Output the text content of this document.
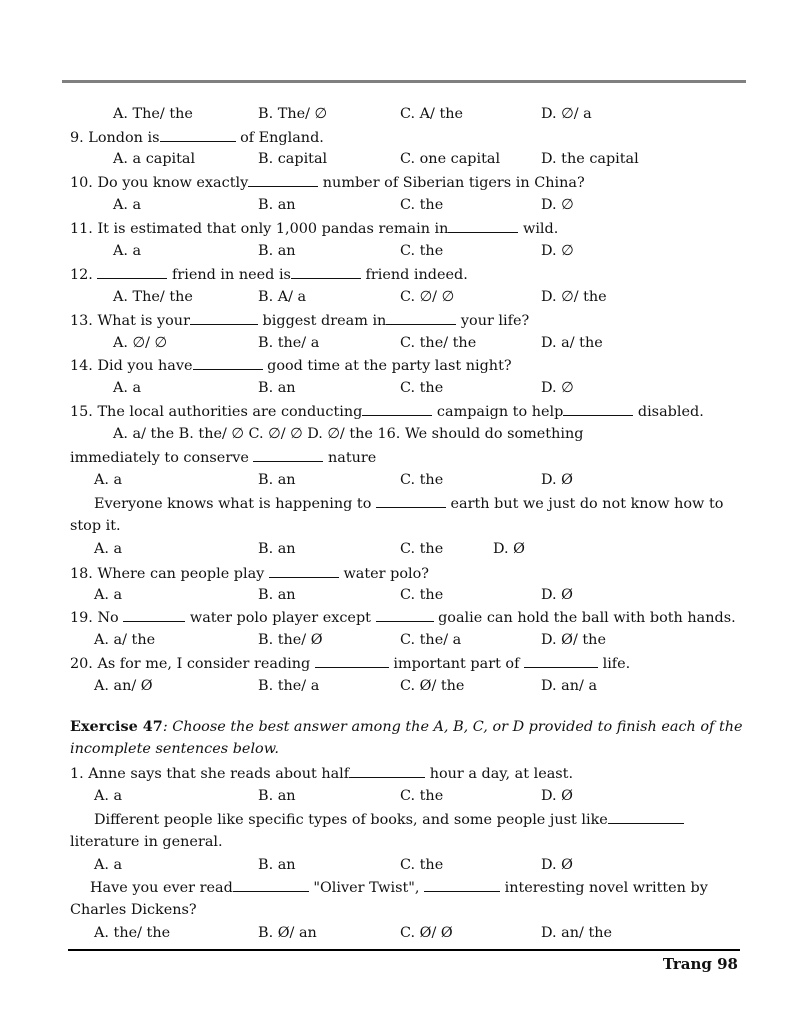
A. The/ the	B. The/ ∅	C. A/ the	D. ∅/ a
9. London is	of England.
A. a capital	B. capital	C. one capital	D. the capital
10. Do you know exactly	number of Siberian tigers in China?
A. a	B. an	C. the	D. ∅
11. It is estimated that only 1,000 pandas remain in	wild.
A. a	B. an	C. the	D. ∅
12.	friend in need is	friend indeed.
A. The/ the	B. A/ a	C. ∅/ ∅	D. ∅/ the
13. What is your	biggest dream in	your life?
A. ∅/ ∅	B. the/ a	C. the/ the	D. a/ the
14. Did you have	good time at the party last night?
A. a	B. an	C. the	D. ∅
15. The local authorities are conducting	campaign to help	disabled.
A. a/ the B. the/ ∅ C. ∅/ ∅ D. ∅/ the 16. We should do something
immediately to conserve	nature
A. a	B. an	C. the	D. Ø
Everyone knows what is happening to	earth but we just do not know how to
stop it.
A. a	B. an	C. the	D. Ø
18. Where can people play	water polo?
A. a	B. an	C. the	D. Ø
19. No	water polo player except	goalie can hold the ball with both hands.
A. a/ the	B. the/ Ø	C. the/ a	D. Ø/ the
20. As for me, I consider reading	important part of	life.
A. an/ Ø	B. the/ a	C. Ø/ the	D. an/ a
Exercise 47: Choose the best answer among the A, B, C, or D provided to finish each of the
incomplete sentences below.
1. Anne says that she reads about half	hour a day, at least.
A. a	B. an	C. the	D. Ø
Different people like specific types of books, and some people just like
literature in general.
A. a	B. an	C. the	D. Ø
Have you ever read	"Oliver Twist",	interesting novel written by
Charles Dickens?
A. the/ the	B. Ø/ an	C. Ø/ Ø	D. an/ the
Trang 98
